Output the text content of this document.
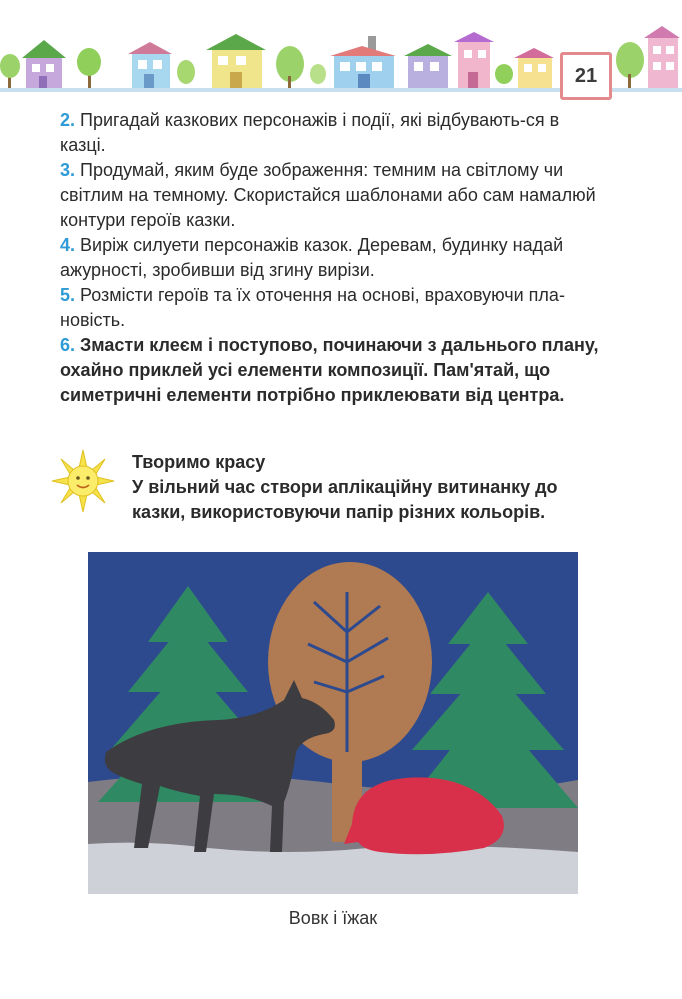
21

2. Пригадай казкових персонажів і події, які відбувають-ся в казці.

3. Продумай, яким буде зображення: темним на світлому чи світлим на темному. Скористайся шаблонами або сам намалюй контури героїв казки.

4. Виріж силуети персонажів казок. Деревам, будинку надай ажурності, зробивши від згину вирізи.

5. Розмісти героїв та їх оточення на основі, враховуючи плановість.

6. Змасти клеєм і поступово, починаючи з дальнього плану, охайно приклей усі елементи композиції. Пам'ятай, що симетричні елементи потрібно приклеювати від центра.

Творимо красу
У вільний час створи аплікаційну витинанку до казки, використовуючи папір різних кольорів.
Вовк і їжак
